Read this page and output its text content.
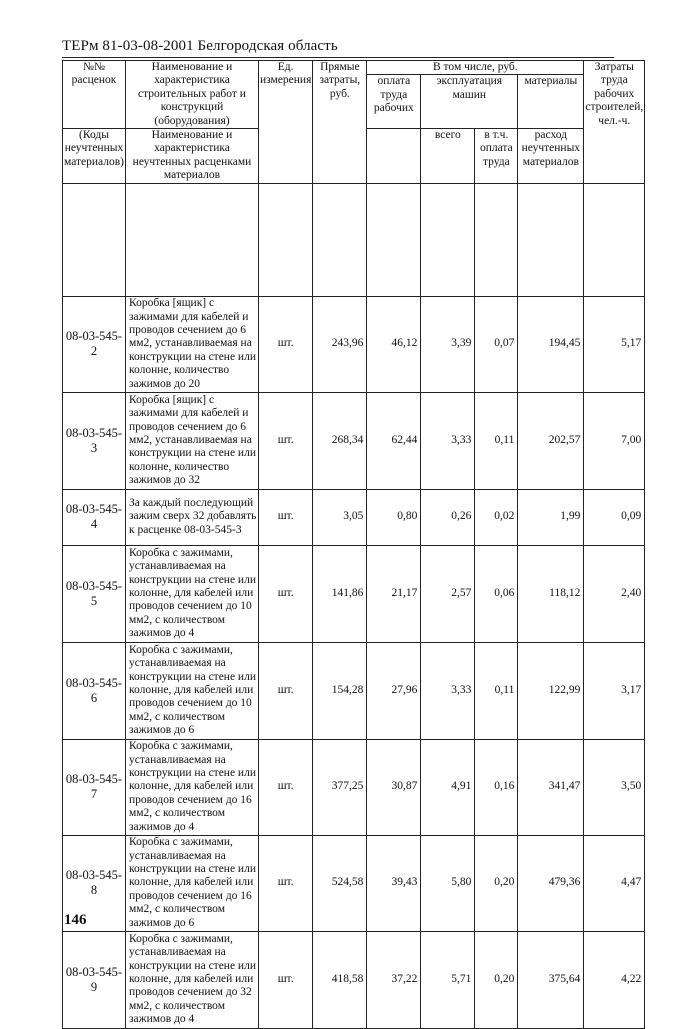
ТЕРм 81-03-08-2001 Белгородская область
№№ расценок	Наименование и характеристика строительных работ и конструкций (оборудования)	Ед. измерения	Прямые затраты, руб.	В том числе, руб.				Затраты труда рабочих строителей, чел.-ч.
				оплата труда рабочих	эксплуатация машин		материалы	
(Коды неучтенных материалов)	Наименование и характеристика неучтенных расценками материалов				всего	в т.ч. оплата труда	расход неучтенных материалов	

08-03-545-2	Коробка [ящик] с зажимами для кабелей и проводов сечением до 6 мм2, устанавливаемая на конструкции на стене или колонне, количество зажимов до 20	шт.	243,96	46,12	3,39	0,07	194,45	5,17
08-03-545-3	Коробка [ящик] с зажимами для кабелей и проводов сечением до 6 мм2, устанавливаемая на конструкции на стене или колонне, количество зажимов до 32	шт.	268,34	62,44	3,33	0,11	202,57	7,00
08-03-545-4	За каждый последующий зажим сверх 32 добавлять к расценке 08-03-545-3	шт.	3,05	0,80	0,26	0,02	1,99	0,09
08-03-545-5	Коробка с зажимами, устанавливаемая на конструкции на стене или колонне, для кабелей или проводов сечением до 10 мм2, с количеством зажимов до 4	шт.	141,86	21,17	2,57	0,06	118,12	2,40
08-03-545-6	Коробка с зажимами, устанавливаемая на конструкции на стене или колонне, для кабелей или проводов сечением до 10 мм2, с количеством зажимов до 6	шт.	154,28	27,96	3,33	0,11	122,99	3,17
08-03-545-7	Коробка с зажимами, устанавливаемая на конструкции на стене или колонне, для кабелей или проводов сечением до 16 мм2, с количеством зажимов до 4	шт.	377,25	30,87	4,91	0,16	341,47	3,50
08-03-545-8	Коробка с зажимами, устанавливаемая на конструкции на стене или колонне, для кабелей или проводов сечением до 16 мм2, с количеством зажимов до 6	шт.	524,58	39,43	5,80	0,20	479,36	4,47
08-03-545-9	Коробка с зажимами, устанавливаемая на конструкции на стене или колонне, для кабелей или проводов сечением до 32 мм2, с количеством зажимов до 4	шт.	418,58	37,22	5,71	0,20	375,64	4,22
146
